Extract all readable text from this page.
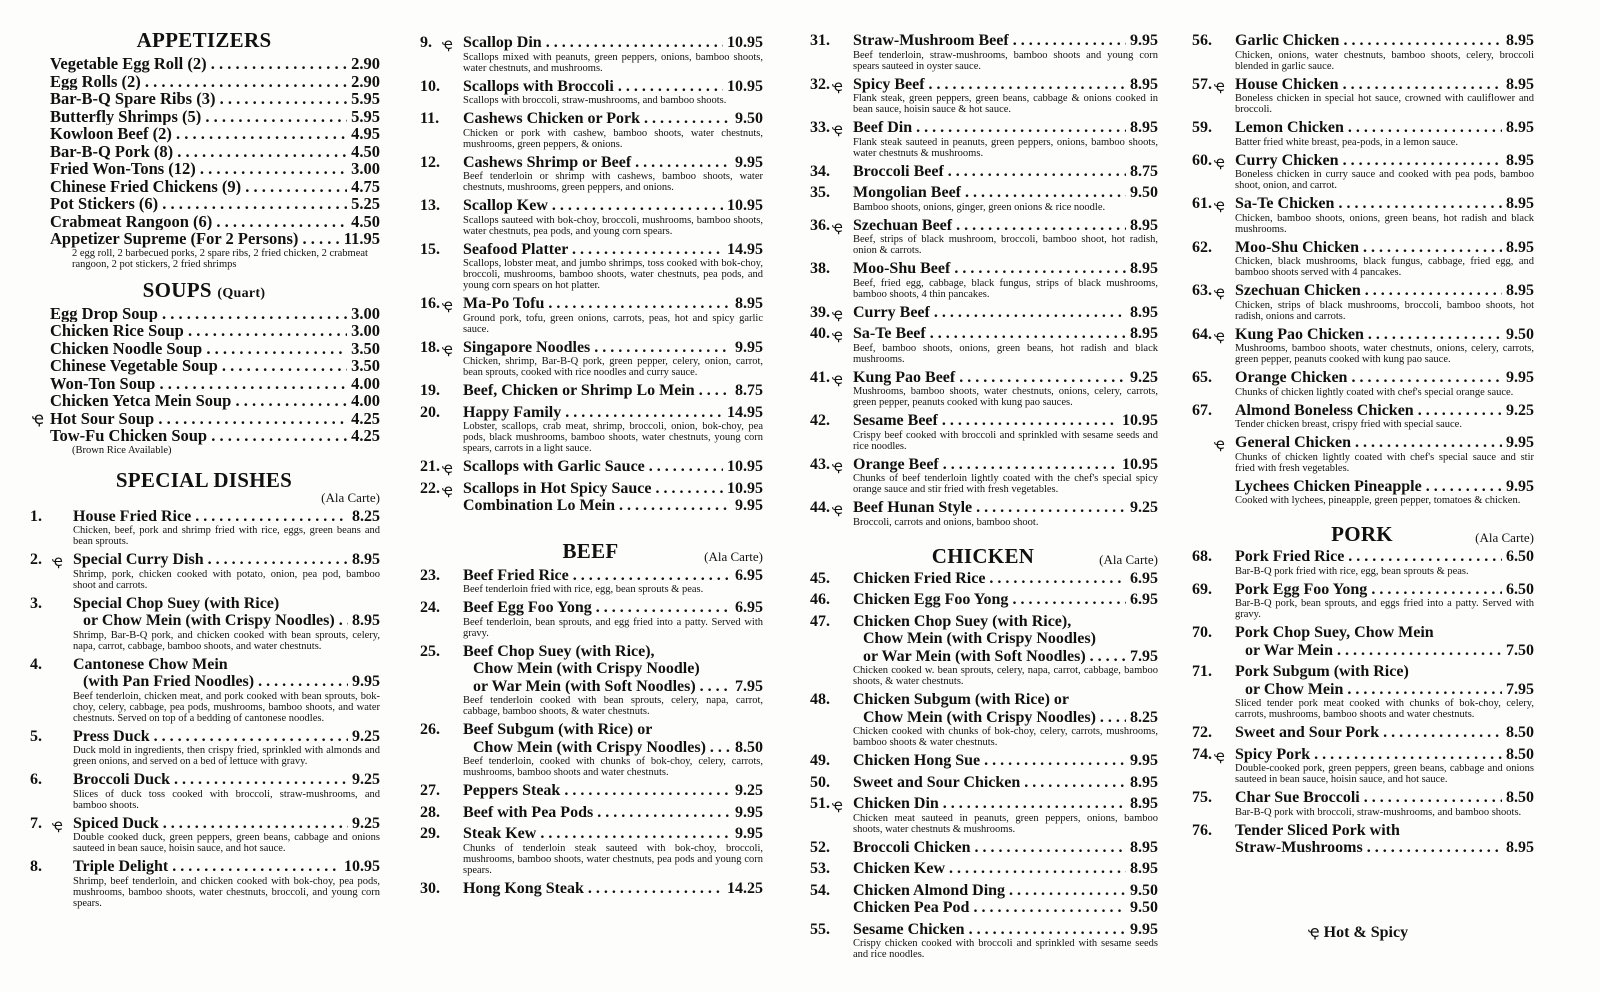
APPETIZERS
Vegetable Egg Roll (2) . . .	2.90
Egg Rolls (2) . . .	2.90
Bar-B-Q Spare Ribs (3) . . .	5.95
Butterfly Shrimps (5) . . .	5.95
Kowloon Beef (2) . . .	4.95
Bar-B-Q Pork (8) . . .	4.50
Fried Won-Tons (12) . . .	3.00
Chinese Fried Chickens (9) . . .	4.75
Pot Stickers (6) . . .	5.25
Crabmeat Rangoon (6) . . .	4.50
Appetizer Supreme (For 2 Persons) . . .	11.95
2 egg roll, 2 barbecued porks, 2 spare ribs, 2 fried chicken, 2 crabmeat rangoon, 2 pot stickers, 2 fried shrimps
SOUPS (Quart)
Egg Drop Soup . . .	3.00
Chicken Rice Soup . . .	3.00
Chicken Noodle Soup . . .	3.50
Chinese Vegetable Soup . . .	3.50
Won-Ton Soup . . .	4.00
Chicken Yetca Mein Soup . . .	4.00
ҿ Hot Sour Soup . . .	4.25
Tow-Fu Chicken Soup . . .	4.25
(Brown Rice Available)
SPECIAL DISHES
(Ala Carte)
1. House Fried Rice . . .	8.25
Chicken, beef, pork and shrimp fried with rice, eggs, green beans and bean sprouts.
2. ҿ Special Curry Dish . . .	8.95
Shrimp, pork, chicken cooked with potato, onion, pea pod, bamboo shoot and carrots.
3. Special Chop Suey (with Rice)
or Chow Mein (with Crispy Noodles) . . .	8.95
Shrimp, Bar-B-Q pork, and chicken cooked with bean sprouts, celery, napa, carrot, cabbage, bamboo shoots, and water chestnuts.
4. Cantonese Chow Mein
(with Pan Fried Noodles) . . .	9.95
Beef tenderloin, chicken meat, and pork cooked with bean sprouts, bok-choy, celery, cabbage, pea pods, mushrooms, bamboo shoots, and water chestnuts. Served on top of a bedding of cantonese noodles.
5. Press Duck . . .	9.25
Duck mold in ingredients, then crispy fried, sprinkled with almonds and green onions, and served on a bed of lettuce with gravy.
6. Broccoli Duck . . .	9.25
Slices of duck toss cooked with broccoli, straw-mushrooms, and bamboo shoots.
7. ҿ Spiced Duck . . .	9.25
Double cooked duck, green peppers, green beans, cabbage and onions sauteed in bean sauce, hoisin sauce, and hot sauce.
8. Triple Delight . . .	10.95
Shrimp, beef tenderloin, and chicken cooked with bok-choy, pea pods, mushrooms, bamboo shoots, water chestnuts, broccoli, and young corn spears.
9. ҿ Scallop Din . . .	10.95
Scallops mixed with peanuts, green peppers, onions, bamboo shoots, water chestnuts, and mushrooms.
10. Scallops with Broccoli . . .	10.95
Scallops with broccoli, straw-mushrooms, and bamboo shoots.
11. Cashews Chicken or Pork . . .	9.50
Chicken or pork with cashew, bamboo shoots, water chestnuts, mushrooms, green peppers, & onions.
12. Cashews Shrimp or Beef . . .	9.95
Beef tenderloin or shrimp with cashews, bamboo shoots, water chestnuts, mushrooms, green peppers, and onions.
13. Scallop Kew . . .	10.95
Scallops sauteed with bok-choy, broccoli, mushrooms, bamboo shoots, water chestnuts, pea pods, and young corn spears.
15. Seafood Platter . . .	14.95
Scallops, lobster meat, and jumbo shrimps, toss cooked with bok-choy, broccoli, mushrooms, bamboo shoots, water chestnuts, pea pods, and young corn spears on hot platter.
16. ҿ Ma-Po Tofu . . .	8.95
Ground pork, tofu, green onions, carrots, peas, hot and spicy garlic sauce.
18. ҿ Singapore Noodles . . .	9.95
Chicken, shrimp, Bar-B-Q pork, green pepper, celery, onion, carrot, bean sprouts, cooked with rice noodles and curry sauce.
19. Beef, Chicken or Shrimp Lo Mein . . .	8.75
20. Happy Family . . .	14.95
Lobster, scallops, crab meat, shrimp, broccoli, onion, bok-choy, pea pods, black mushrooms, bamboo shoots, water chestnuts, young corn spears, carrots in a light sauce.
21. ҿ Scallops with Garlic Sauce . . .	10.95
22. ҿ Scallops in Hot Spicy Sauce . . .	10.95
Combination Lo Mein . . .	9.95
BEEF	(Ala Carte)
23. Beef Fried Rice . . .	6.95
Beef tenderloin fried with rice, egg, bean sprouts & peas.
24. Beef Egg Foo Yong . . .	6.95
Beef tenderloin, bean sprouts, and egg fried into a patty. Served with gravy.
25. Beef Chop Suey (with Rice),
Chow Mein (with Crispy Noodle)
or War Mein (with Soft Noodles) . . .	7.95
Beef tenderloin cooked with bean sprouts, celery, napa, carrot, cabbage, bamboo shoots, & water chestnuts.
26. Beef Subgum (with Rice) or
Chow Mein (with Crispy Noodles) . . .	8.50
Beef tenderloin, cooked with chunks of bok-choy, celery, carrots, mushrooms, bamboo shoots and water chestnuts.
27. Peppers Steak . . .	9.25
28. Beef with Pea Pods . . .	9.95
29. Steak Kew . . .	9.95
Chunks of tenderloin steak sauteed with bok-choy, broccoli, mushrooms, bamboo shoots, water chestnuts, pea pods and young corn spears.
30. Hong Kong Steak . . .	14.25
31. Straw-Mushroom Beef . . .	9.95
Beef tenderloin, straw-mushrooms, bamboo shoots and young corn spears sauteed in oyster sauce.
32. ҿ Spicy Beef . . .	8.95
Flank steak, green peppers, green beans, cabbage & onions cooked in bean sauce, hoisin sauce & hot sauce.
33. ҿ Beef Din . . .	8.95
Flank steak sauteed in peanuts, green peppers, onions, bamboo shoots, water chestnuts & mushrooms.
34. Broccoli Beef . . .	8.75
35. Mongolian Beef . . .	9.50
Bamboo shoots, onions, ginger, green onions & rice noodle.
36. ҿ Szechuan Beef . . .	8.95
Beef, strips of black mushroom, broccoli, bamboo shoot, hot radish, onion & carrots.
38. Moo-Shu Beef . . .	8.95
Beef, fried egg, cabbage, black fungus, strips of black mushrooms, bamboo shoots, 4 thin pancakes.
39. ҿ Curry Beef . . .	8.95
40. ҿ Sa-Te Beef . . .	8.95
Beef, bamboo shoots, onions, green beans, hot radish and black mushrooms.
41. ҿ Kung Pao Beef . . .	9.25
Mushrooms, bamboo shoots, water chestnuts, onions, celery, carrots, green pepper, peanuts cooked with kung pao sauces.
42. Sesame Beef . . .	10.95
Crispy beef cooked with broccoli and sprinkled with sesame seeds and rice noodles.
43. ҿ Orange Beef . . .	10.95
Chunks of beef tenderloin lightly coated with the chef's special spicy orange sauce and stir fried with fresh vegetables.
44. ҿ Beef Hunan Style . . .	9.25
Broccoli, carrots and onions, bamboo shoot.
CHICKEN	(Ala Carte)
45. Chicken Fried Rice . . .	6.95
46. Chicken Egg Foo Yong . . .	6.95
47. Chicken Chop Suey (with Rice),
Chow Mein (with Crispy Noodles)
or War Mein (with Soft Noodles) . . .	7.95
Chicken cooked w. bean sprouts, celery, napa, carrot, cabbage, bamboo shoots, & water chestnuts.
48. Chicken Subgum (with Rice) or
Chow Mein (with Crispy Noodles) . . .	8.25
Chicken cooked with chunks of bok-choy, celery, carrots, mushrooms, bamboo shoots & water chestnuts.
49. Chicken Hong Sue . . .	9.95
50. Sweet and Sour Chicken . . .	8.95
51. ҿ Chicken Din . . .	8.95
Chicken meat sauteed in peanuts, green peppers, onions, bamboo shoots, water chestnuts & mushrooms.
52. Broccoli Chicken . . .	8.95
53. Chicken Kew . . .	8.95
54. Chicken Almond Ding . . .	9.50
Chicken Pea Pod . . .	9.50
55. Sesame Chicken . . .	9.95
Crispy chicken cooked with broccoli and sprinkled with sesame seeds and rice noodles.
56. Garlic Chicken . . .	8.95
Chicken, onions, water chestnuts, bamboo shoots, celery, broccoli blended in garlic sauce.
57. ҿ House Chicken . . .	8.95
Boneless chicken in special hot sauce, crowned with cauliflower and broccoli.
59. Lemon Chicken . . .	8.95
Batter fried white breast, pea-pods, in a lemon sauce.
60. ҿ Curry Chicken . . .	8.95
Boneless chicken in curry sauce and cooked with pea pods, bamboo shoot, onion, and carrot.
61. ҿ Sa-Te Chicken . . .	8.95
Chicken, bamboo shoots, onions, green beans, hot radish and black mushrooms.
62. Moo-Shu Chicken . . .	8.95
Chicken, black mushrooms, black fungus, cabbage, fried egg, and bamboo shoots served with 4 pancakes.
63. ҿ Szechuan Chicken . . .	8.95
Chicken, strips of black mushrooms, broccoli, bamboo shoots, hot radish, onions and carrots.
64. ҿ Kung Pao Chicken . . .	9.50
Mushrooms, bamboo shoots, water chestnuts, onions, celery, carrots, green pepper, peanuts cooked with kung pao sauce.
65. Orange Chicken . . .	9.95
Chunks of chicken lightly coated with chef's special orange sauce.
67. Almond Boneless Chicken . . .	9.25
Tender chicken breast, crispy fried with special sauce.
ҿ General Chicken . . .	9.95
Chunks of chicken lightly coated with chef's special sauce and stir fried with fresh vegetables.
Lychees Chicken Pineapple . . .	9.95
Cooked with lychees, pineapple, green pepper, tomatoes & chicken.
PORK	(Ala Carte)
68. Pork Fried Rice . . .	6.50
Bar-B-Q pork fried with rice, egg, bean sprouts & peas.
69. Pork Egg Foo Yong . . .	6.50
Bar-B-Q pork, bean sprouts, and eggs fried into a patty. Served with gravy.
70. Pork Chop Suey, Chow Mein
or War Mein . . .	7.50
71. Pork Subgum (with Rice)
or Chow Mein . . .	7.95
Sliced tender pork meat cooked with chunks of bok-choy, celery, carrots, mushrooms, bamboo shoots and water chestnuts.
72. Sweet and Sour Pork . . .	8.50
74. ҿ Spicy Pork . . .	8.50
Double-cooked pork, green peppers, green beans, cabbage and onions sauteed in bean sauce, hoisin sauce, and hot sauce.
75. Char Sue Broccoli . . .	8.50
Bar-B-Q pork with broccoli, straw-mushrooms, and bamboo shoots.
76. Tender Sliced Pork with
Straw-Mushrooms . . .	8.95
ҿ Hot & Spicy
